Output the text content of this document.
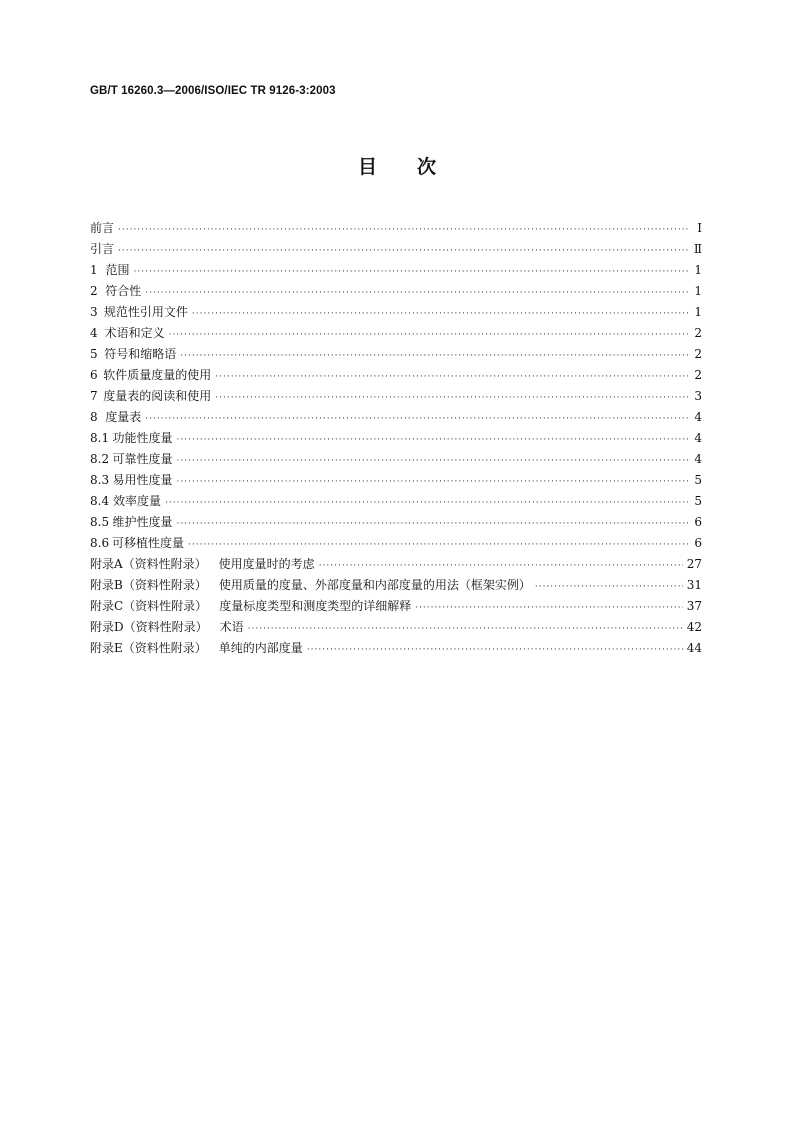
GB/T 16260.3—2006/ISO/IEC TR 9126-3:2003
目次
前言 ·····	Ⅰ
引言 ·····	Ⅱ
1 范围 ·····	1
2 符合性 ·····	1
3 规范性引用文件 ·····	1
4 术语和定义 ·····	2
5 符号和缩略语 ·····	2
6 软件质量度量的使用 ·····	2
7 度量表的阅读和使用 ·····	3
8 度量表 ·····	4
8.1 功能性度量 ·····	4
8.2 可靠性度量 ·····	4
8.3 易用性度量 ·····	5
8.4 效率度量 ·····	5
8.5 维护性度量 ·····	6
8.6 可移植性度量 ·····	6
附录A（资料性附录） 使用度量时的考虑 ·····	27
附录B（资料性附录） 使用质量的度量、外部度量和内部度量的用法（框架实例） ·····	31
附录C（资料性附录） 度量标度类型和测度类型的详细解释 ·····	37
附录D（资料性附录） 术语 ·····	42
附录E（资料性附录） 单纯的内部度量 ·····	44
